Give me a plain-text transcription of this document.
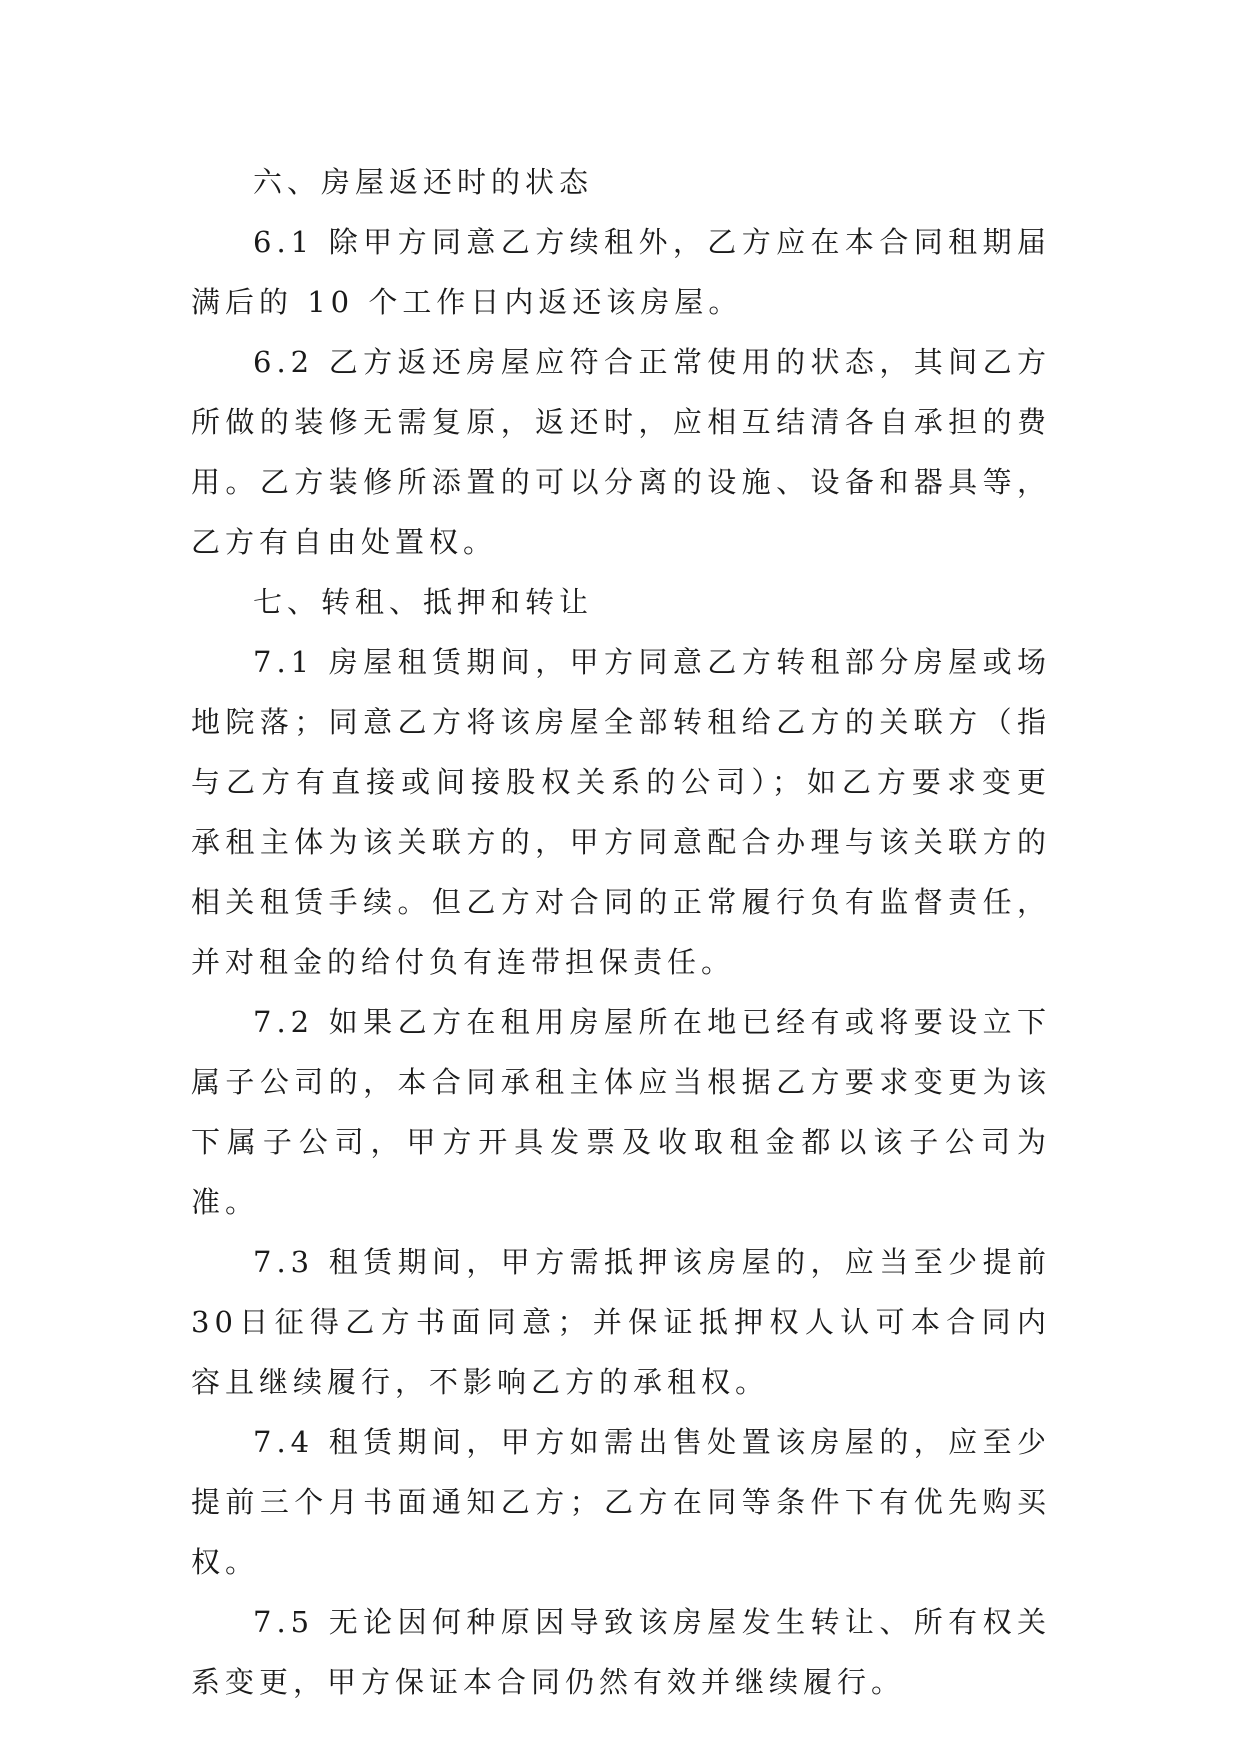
六、房屋返还时的状态

6.1 除甲方同意乙方续租外，乙方应在本合同租期届满后的 10 个工作日内返还该房屋。

6.2 乙方返还房屋应符合正常使用的状态，其间乙方所做的装修无需复原，返还时，应相互结清各自承担的费用。乙方装修所添置的可以分离的设施、设备和器具等，乙方有自由处置权。

七、转租、抵押和转让

7.1 房屋租赁期间，甲方同意乙方转租部分房屋或场地院落；同意乙方将该房屋全部转租给乙方的关联方（指与乙方有直接或间接股权关系的公司）；如乙方要求变更承租主体为该关联方的，甲方同意配合办理与该关联方的相关租赁手续。但乙方对合同的正常履行负有监督责任，并对租金的给付负有连带担保责任。

7.2 如果乙方在租用房屋所在地已经有或将要设立下属子公司的，本合同承租主体应当根据乙方要求变更为该下属子公司，甲方开具发票及收取租金都以该子公司为准。

7.3 租赁期间，甲方需抵押该房屋的，应当至少提前30日征得乙方书面同意；并保证抵押权人认可本合同内容且继续履行，不影响乙方的承租权。

7.4 租赁期间，甲方如需出售处置该房屋的，应至少提前三个月书面通知乙方；乙方在同等条件下有优先购买权。

7.5 无论因何种原因导致该房屋发生转让、所有权关系变更，甲方保证本合同仍然有效并继续履行。
